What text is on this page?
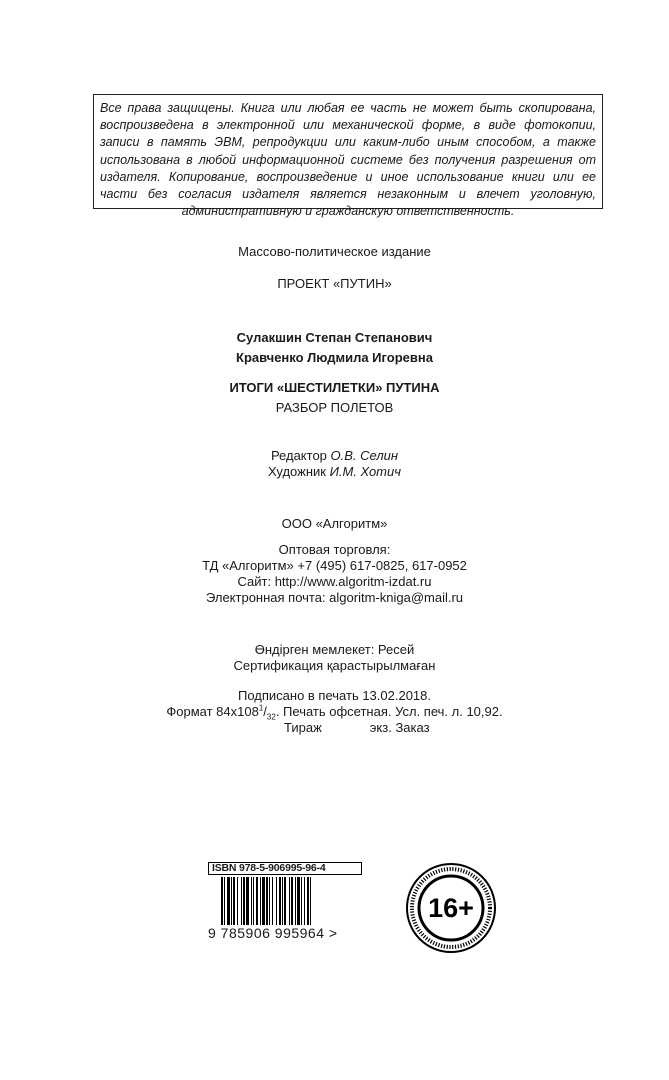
Все права защищены. Книга или любая ее часть не может быть скопирована, воспроизведена в электронной или механической форме, в виде фотокопии, записи в память ЭВМ, репродукции или каким-либо иным способом, а также использована в любой информационной системе без получения разрешения от издателя. Копирование, воспроизведение и иное использование книги или ее части без согласия издателя является незаконным и влечет уголовную, административную и гражданскую ответственность.

Массово-политическое издание
ПРОЕКТ «ПУТИН»
Сулакшин Степан Степанович
Кравченко Людмила Игоревна
ИТОГИ «ШЕСТИЛЕТКИ» ПУТИНА
РАЗБОР ПОЛЕТОВ
Редактор О.В. Селин
Художник И.М. Хотич
ООО «Алгоритм»
Оптовая торговля:
ТД «Алгоритм» +7 (495) 617-0825, 617-0952
Сайт: http://www.algoritm-izdat.ru
Электронная почта: algoritm-kniga@mail.ru
Өндірген мемлекет: Ресей
Сертификация қарастырылмаған
Подписано в печать 13.02.2018.
Формат $84x108^1/_{32}$. Печать офсетная. Усл. печ. л. 10,92.
Тираж	экз. Заказ
ISBN 978-5-906995-96-4
9 785906 995964 >
16+
